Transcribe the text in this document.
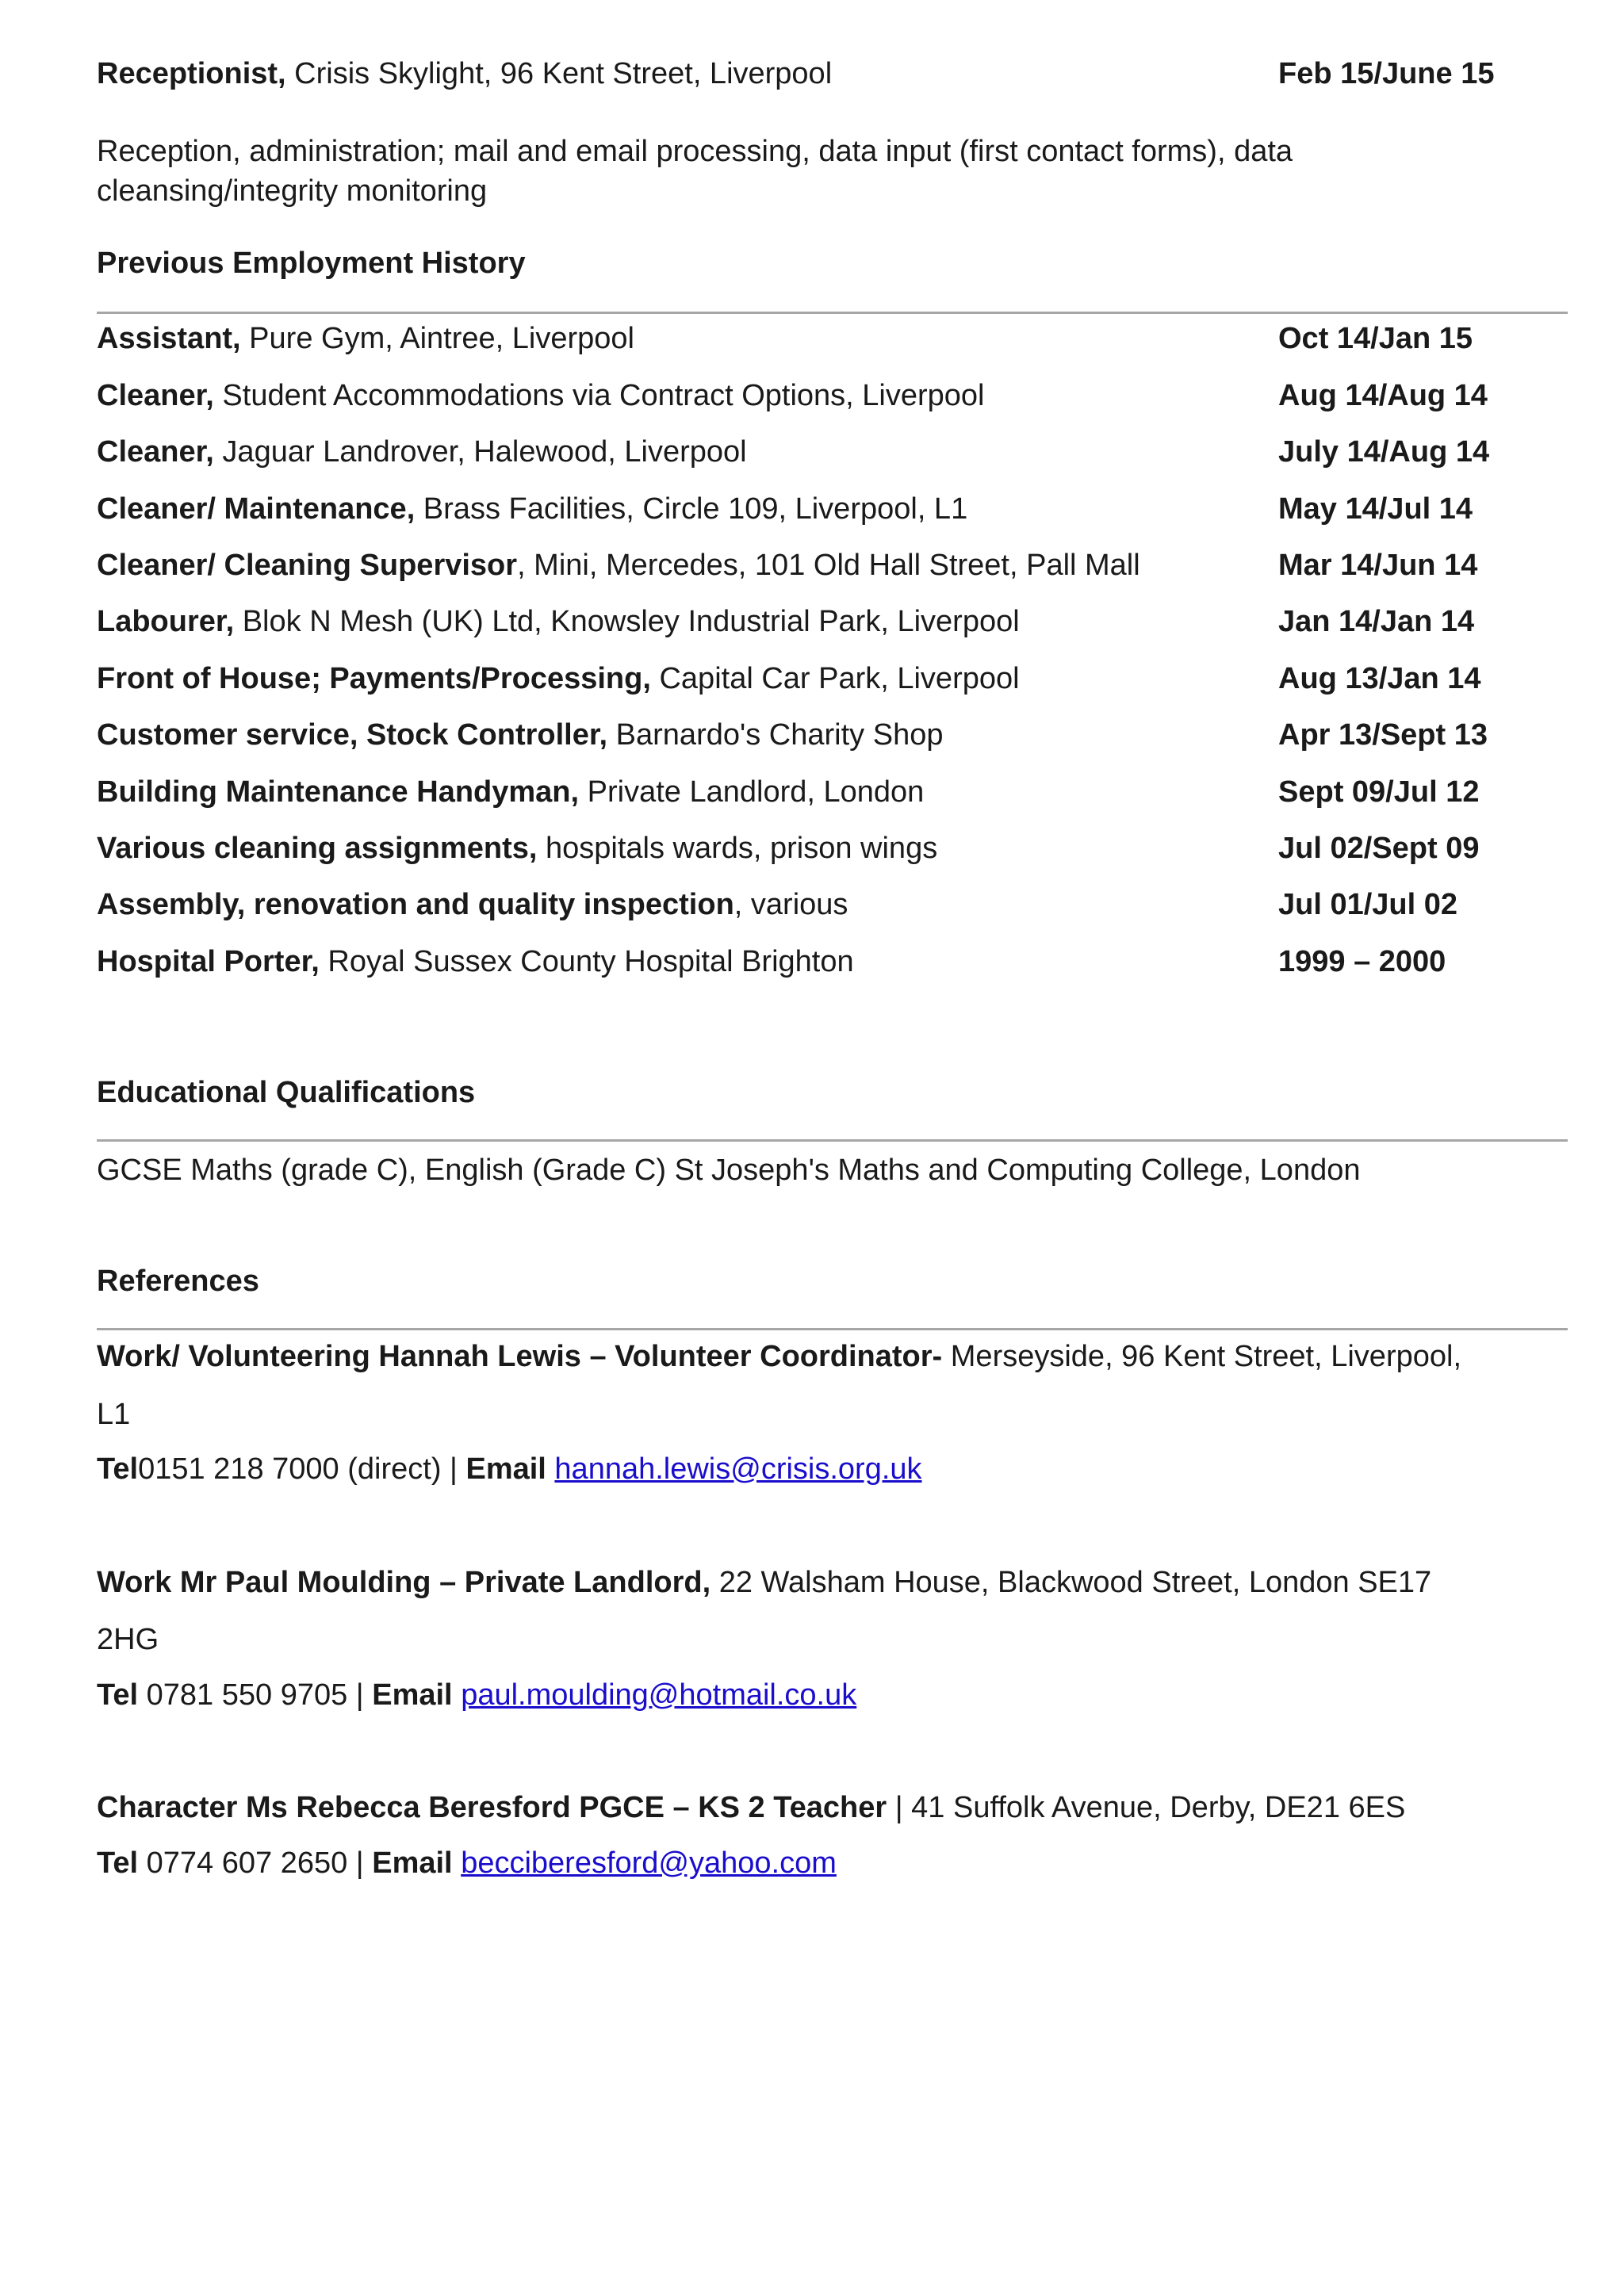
Receptionist, Crisis Skylight, 96 Kent Street, Liverpool	Feb 15/June 15
Reception, administration; mail and email processing, data input (first contact forms), data
cleansing/integrity monitoring
Previous Employment History
Assistant, Pure Gym, Aintree, Liverpool	Oct 14/Jan 15
Cleaner, Student Accommodations via Contract Options, Liverpool	Aug 14/Aug 14
Cleaner, Jaguar Landrover, Halewood, Liverpool	July 14/Aug 14
Cleaner/ Maintenance, Brass Facilities, Circle 109, Liverpool, L1	May 14/Jul 14
Cleaner/ Cleaning Supervisor, Mini, Mercedes, 101 Old Hall Street, Pall Mall	Mar 14/Jun 14
Labourer, Blok N Mesh (UK) Ltd, Knowsley Industrial Park, Liverpool	Jan 14/Jan 14
Front of House; Payments/Processing, Capital Car Park, Liverpool	Aug 13/Jan 14
Customer service, Stock Controller, Barnardo's Charity Shop	Apr 13/Sept 13
Building Maintenance Handyman, Private Landlord, London	Sept 09/Jul 12
Various cleaning assignments, hospitals wards, prison wings	Jul 02/Sept 09
Assembly, renovation and quality inspection, various	Jul 01/Jul 02
Hospital Porter, Royal Sussex County Hospital Brighton	1999 – 2000
Educational Qualifications
GCSE Maths (grade C), English (Grade C) St Joseph's Maths and Computing College, London
References
Work/ Volunteering Hannah Lewis – Volunteer Coordinator- Merseyside, 96 Kent Street, Liverpool,
L1
Tel0151 218 7000 (direct) | Email hannah.lewis@crisis.org.uk
Work Mr Paul Moulding – Private Landlord, 22 Walsham House, Blackwood Street, London SE17
2HG
Tel 0781 550 9705 | Email paul.moulding@hotmail.co.uk
Character Ms Rebecca Beresford PGCE – KS 2 Teacher | 41 Suffolk Avenue, Derby, DE21 6ES
Tel 0774 607 2650 | Email becciberesford@yahoo.com
